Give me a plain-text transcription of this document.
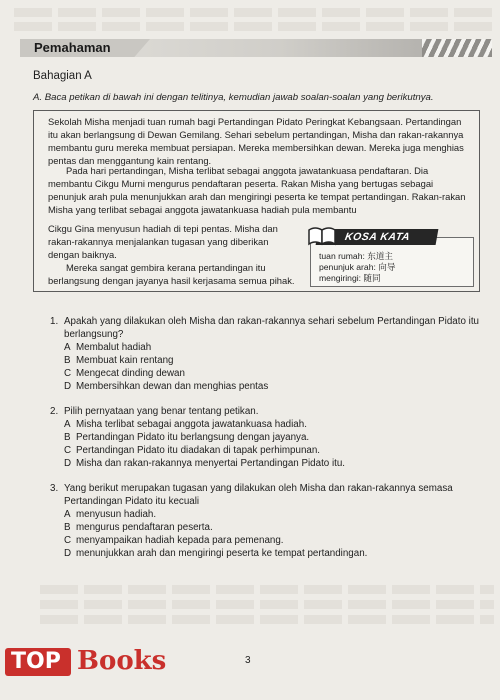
Pemahaman
Bahagian A
A. Baca petikan di bawah ini dengan telitinya, kemudian jawab soalan-soalan yang berikutnya.

Sekolah Misha menjadi tuan rumah bagi Pertandingan Pidato Peringkat Kebangsaan. Pertandingan itu akan berlangsung di Dewan Gemilang. Sehari sebelum pertandingan, Misha dan rakan-rakannya membantu guru mereka membuat persiapan. Mereka membersihkan dewan. Mereka juga menghias pentas dan menggantung kain rentang.

Pada hari pertandingan, Misha terlibat sebagai anggota jawatankuasa pendaftaran. Dia membantu Cikgu Murni mengurus pendaftaran peserta. Rakan Misha yang bertugas sebagai penunjuk arah pula menunjukkan arah dan mengiringi peserta ke tempat pertandingan. Rakan-rakan Misha yang terlibat sebagai anggota jawatankuasa hadiah pula membantu

Cikgu Gina menyusun hadiah di tepi pentas. Misha dan rakan-rakannya menjalankan tugasan yang diberikan dengan baiknya.

Mereka sangat gembira kerana pertandingan itu berlangsung dengan jayanya hasil kerjasama semua pihak.

KOSA KATA
tuan rumah: 东道主
penunjuk arah: 向导
mengiringi: 随同
1. Apakah yang dilakukan oleh Misha dan rakan-rakannya sehari sebelum Pertandingan Pidato itu berlangsung?
A Membalut hadiah
B Membuat kain rentang
C Mengecat dinding dewan
D Membersihkan dewan dan menghias pentas
2. Pilih pernyataan yang benar tentang petikan.
A Misha terlibat sebagai anggota jawatankuasa hadiah.
B Pertandingan Pidato itu berlangsung dengan jayanya.
C Pertandingan Pidato itu diadakan di tapak perhimpunan.
D Misha dan rakan-rakannya menyertai Pertandingan Pidato itu.
3. Yang berikut merupakan tugasan yang dilakukan oleh Misha dan rakan-rakannya semasa Pertandingan Pidato itu kecuali
A menyusun hadiah.
B mengurus pendaftaran peserta.
C menyampaikan hadiah kepada para pemenang.
D menunjukkan arah dan mengiringi peserta ke tempat pertandingan.
TOP Books	3
